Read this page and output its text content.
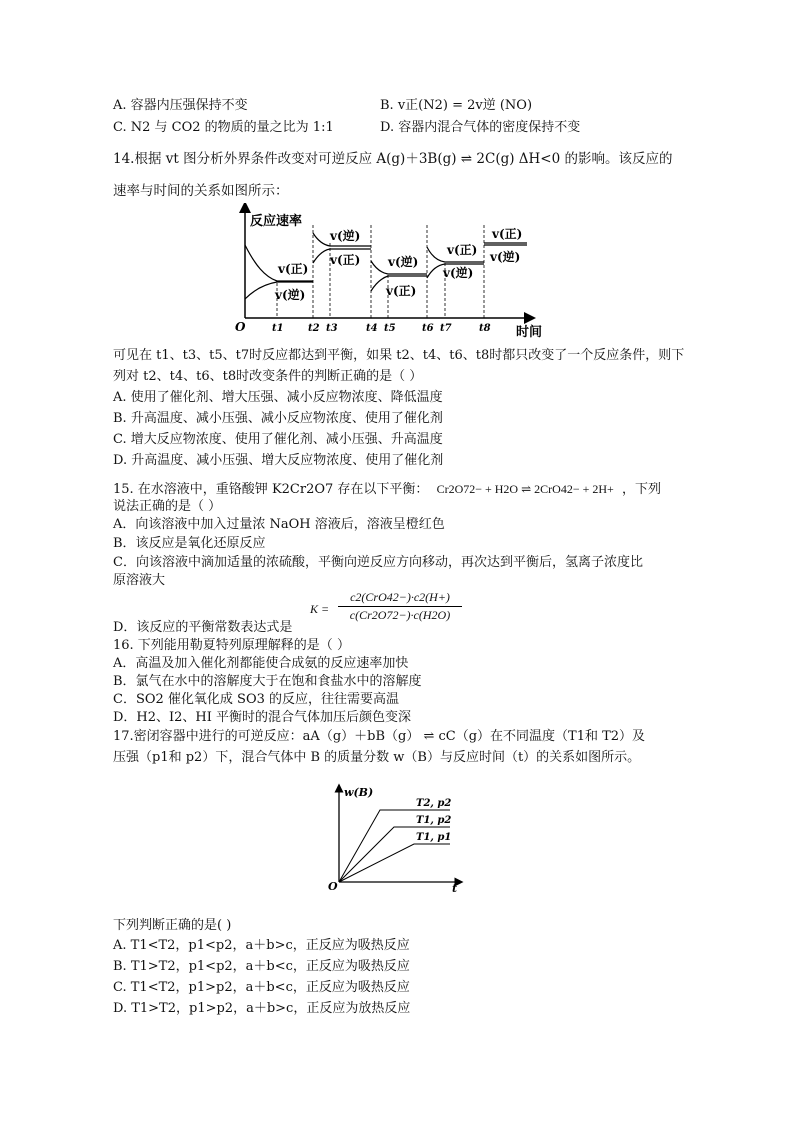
A. 容器内压强保持不变	B. v正(N2) = 2v逆 (NO)
C. N2 与 CO2 的物质的量之比为 1:1	D. 容器内混合气体的密度保持不变
14.根据 vt 图分析外界条件改变对可逆反应 A(g)＋3B(g) ⇌ 2C(g) ΔH<0 的影响。该反应的
速率与时间的关系如图所示：
反应速率
时间
O
v(正)
v(逆)
v(逆)
v(正) v(逆)
v(正)
v(正)
v(逆)
v(正)
v(逆)
t1 t2 t3	t4 t5	t6 t7	t8
可见在 t1、t3、t5、t7时反应都达到平衡，如果 t2、t4、t6、t8时都只改变了一个反应条件，则下
列对 t2、t4、t6、t8时改变条件的判断正确的是（ ）
A. 使用了催化剂、增大压强、减小反应物浓度、降低温度
B. 升高温度、减小压强、减小反应物浓度、使用了催化剂
C. 增大反应物浓度、使用了催化剂、减小压强、升高温度
D. 升高温度、减小压强、增大反应物浓度、使用了催化剂
15. 在水溶液中，重铬酸钾 K2Cr2O7 存在以下平衡： Cr2O72− + H2O ⇌ 2CrO42− + 2H+ ，下列
说法正确的是（ ）
A．向该溶液中加入过量浓 NaOH 溶液后，溶液呈橙红色
B．该反应是氧化还原反应
C．向该溶液中滴加适量的浓硫酸，平衡向逆反应方向移动，再次达到平衡后，氢离子浓度比
原溶液大
K =
c2(CrO42−)·c2(H+)
c(Cr2O72−)·c(H2O)
D．该反应的平衡常数表达式是
16. 下列能用勒夏特列原理解释的是（ ）
A．高温及加入催化剂都能使合成氨的反应速率加快
B．氯气在水中的溶解度大于在饱和食盐水中的溶解度
C．SO2 催化氧化成 SO3 的反应，往往需要高温
D．H2、I2、HI 平衡时的混合气体加压后颜色变深
17.密闭容器中进行的可逆反应：aA（g）＋bB（g） ⇌ cC（g）在不同温度（T1和 T2）及
压强（p1和 p2）下，混合气体中 B 的质量分数 w（B）与反应时间（t）的关系如图所示。
w(B)
t
O
T2, p2
T1, p2
T1, p1
下列判断正确的是( )
A. T1<T2，p1<p2，a＋b>c，正反应为吸热反应
B. T1>T2，p1<p2，a＋b<c，正反应为吸热反应
C. T1<T2，p1>p2，a＋b<c，正反应为吸热反应
D. T1>T2，p1>p2，a＋b>c，正反应为放热反应
